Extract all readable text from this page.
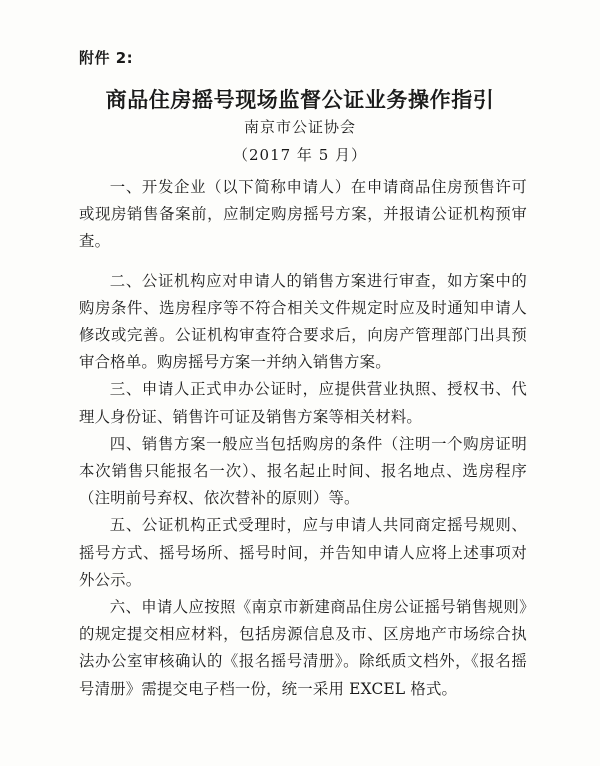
附件 2:
商品住房摇号现场监督公证业务操作指引
南京市公证协会
（2017 年 5 月）

一、开发企业（以下简称申请人）在申请商品住房预售许可或现房销售备案前，应制定购房摇号方案，并报请公证机构预审查。

二、公证机构应对申请人的销售方案进行审查，如方案中的购房条件、选房程序等不符合相关文件规定时应及时通知申请人修改或完善。公证机构审查符合要求后，向房产管理部门出具预审合格单。购房摇号方案一并纳入销售方案。

三、申请人正式申办公证时，应提供营业执照、授权书、代理人身份证、销售许可证及销售方案等相关材料。

四、销售方案一般应当包括购房的条件（注明一个购房证明本次销售只能报名一次）、报名起止时间、报名地点、选房程序（注明前号弃权、依次替补的原则）等。

五、公证机构正式受理时，应与申请人共同商定摇号规则、摇号方式、摇号场所、摇号时间，并告知申请人应将上述事项对外公示。

六、申请人应按照《南京市新建商品住房公证摇号销售规则》的规定提交相应材料，包括房源信息及市、区房地产市场综合执法办公室审核确认的《报名摇号清册》。除纸质文档外，《报名摇号清册》需提交电子档一份，统一采用 EXCEL 格式。
